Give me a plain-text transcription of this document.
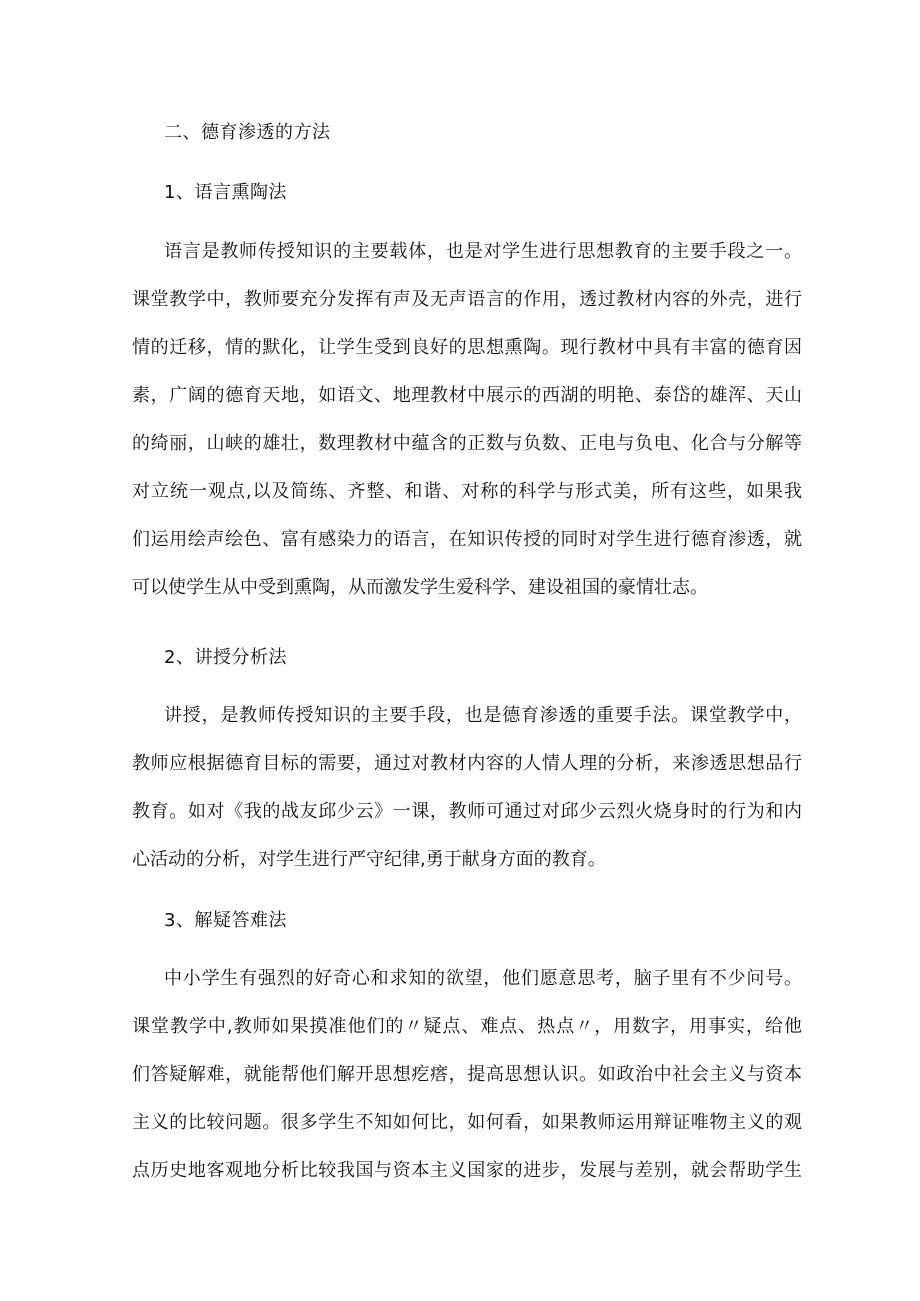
二、德育渗透的方法
1、语言熏陶法
语言是教师传授知识的主要载体，也是对学生进行思想教育的主要手段之一。
课堂教学中，教师要充分发挥有声及无声语言的作用，透过教材内容的外壳，进行
情的迁移，情的默化，让学生受到良好的思想熏陶。现行教材中具有丰富的德育因
素，广阔的德育天地，如语文、地理教材中展示的西湖的明艳、泰岱的雄浑、天山
的绮丽，山峡的雄壮，数理教材中蕴含的正数与负数、正电与负电、化合与分解等
对立统一观点,以及简练、齐整、和谐、对称的科学与形式美，所有这些，如果我
们运用绘声绘色、富有感染力的语言，在知识传授的同时对学生进行德育渗透，就
可以使学生从中受到熏陶，从而激发学生爱科学、建设祖国的豪情壮志。
2、讲授分析法
讲授，是教师传授知识的主要手段，也是德育渗透的重要手法。课堂教学中，
教师应根据德育目标的需要，通过对教材内容的人情人理的分析，来渗透思想品行
教育。如对《我的战友邱少云》一课，教师可通过对邱少云烈火烧身时的行为和内
心活动的分析，对学生进行严守纪律,勇于献身方面的教育。
3、解疑答难法
中小学生有强烈的好奇心和求知的欲望，他们愿意思考，脑子里有不少问号。
课堂教学中,教师如果摸准他们的〃疑点、难点、热点〃，用数字，用事实，给他
们答疑解难，就能帮他们解开思想疙瘩，提高思想认识。如政治中社会主义与资本
主义的比较问题。很多学生不知如何比，如何看，如果教师运用辩证唯物主义的观
点历史地客观地分析比较我国与资本主义国家的进步，发展与差别，就会帮助学生
